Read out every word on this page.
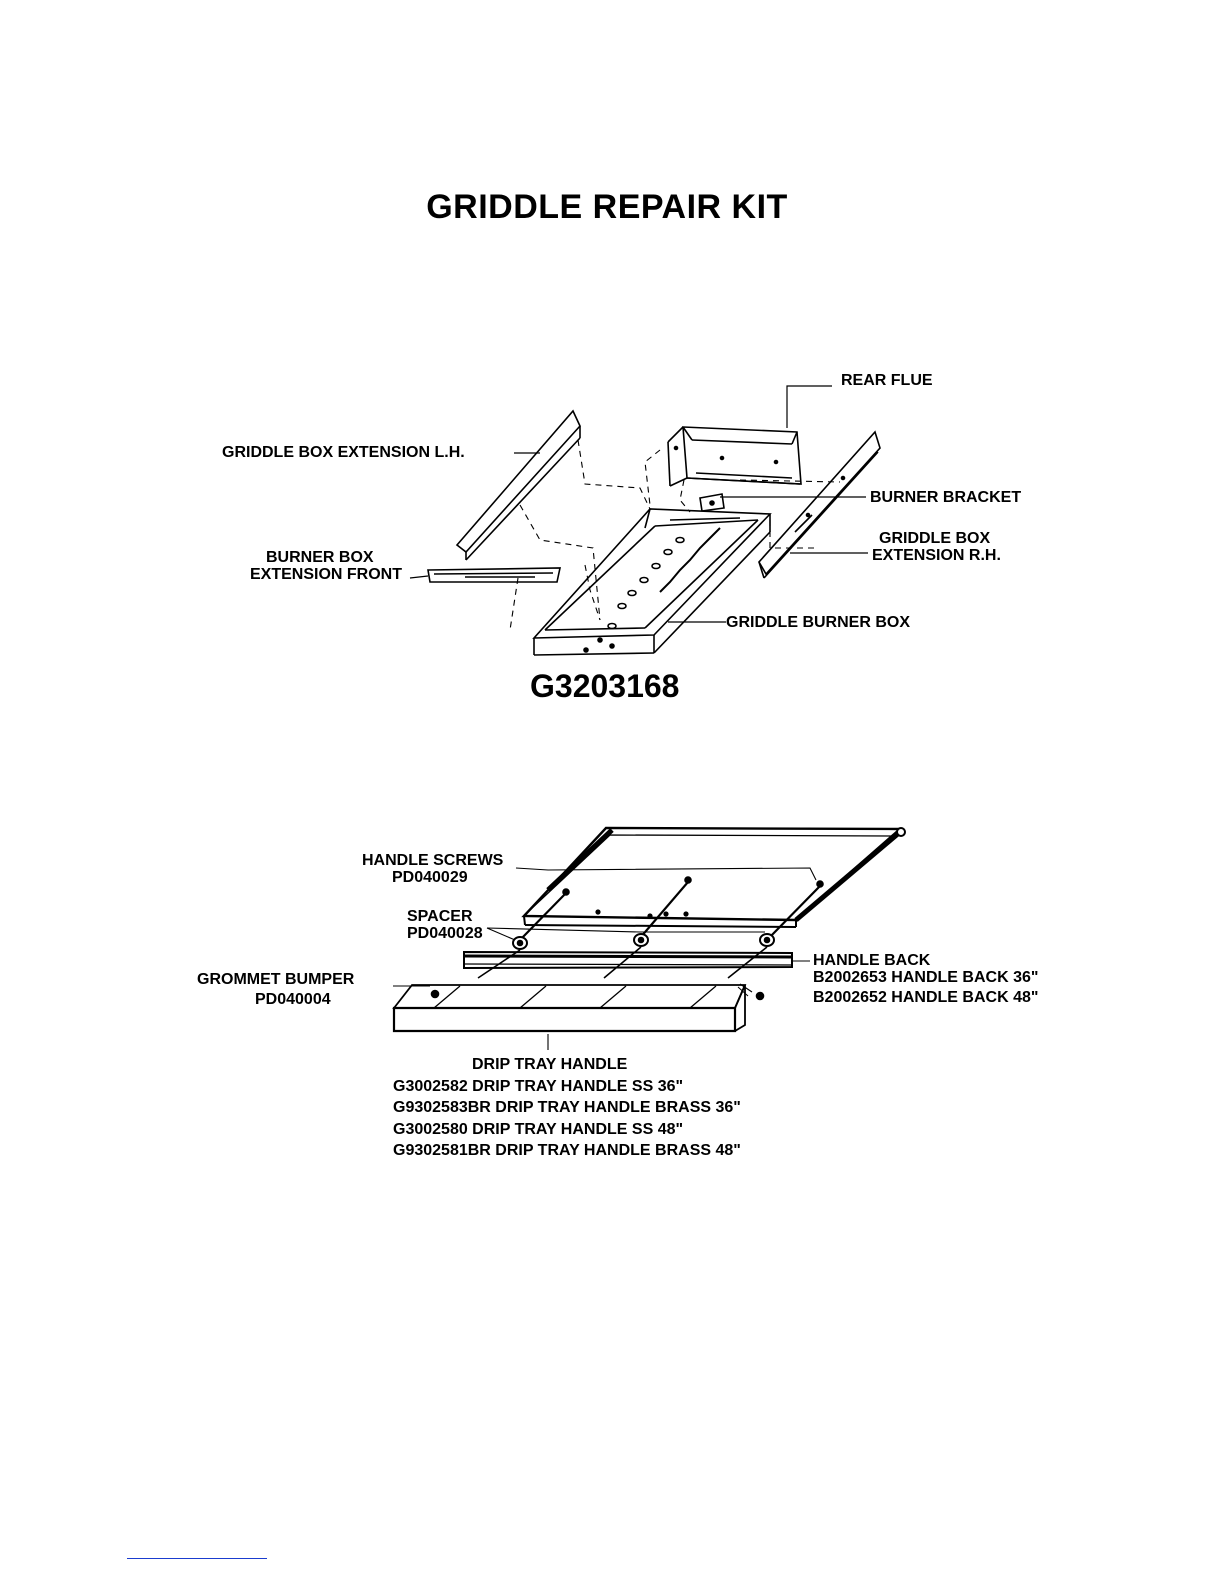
GRIDDLE REPAIR KIT
REAR FLUE
GRIDDLE BOX EXTENSION L.H.
BURNER BRACKET
GRIDDLE BOX
EXTENSION R.H.
BURNER BOX
EXTENSION FRONT
GRIDDLE BURNER BOX
G3203168
HANDLE SCREWS
PD040029
SPACER
PD040028
GROMMET BUMPER
PD040004
HANDLE BACK
B2002653 HANDLE BACK 36"
B2002652 HANDLE BACK 48"
DRIP TRAY HANDLE
G3002582 DRIP TRAY HANDLE SS 36"
G9302583BR DRIP TRAY HANDLE BRASS 36"
G3002580 DRIP TRAY HANDLE SS 48"
G9302581BR DRIP TRAY HANDLE BRASS 48"
